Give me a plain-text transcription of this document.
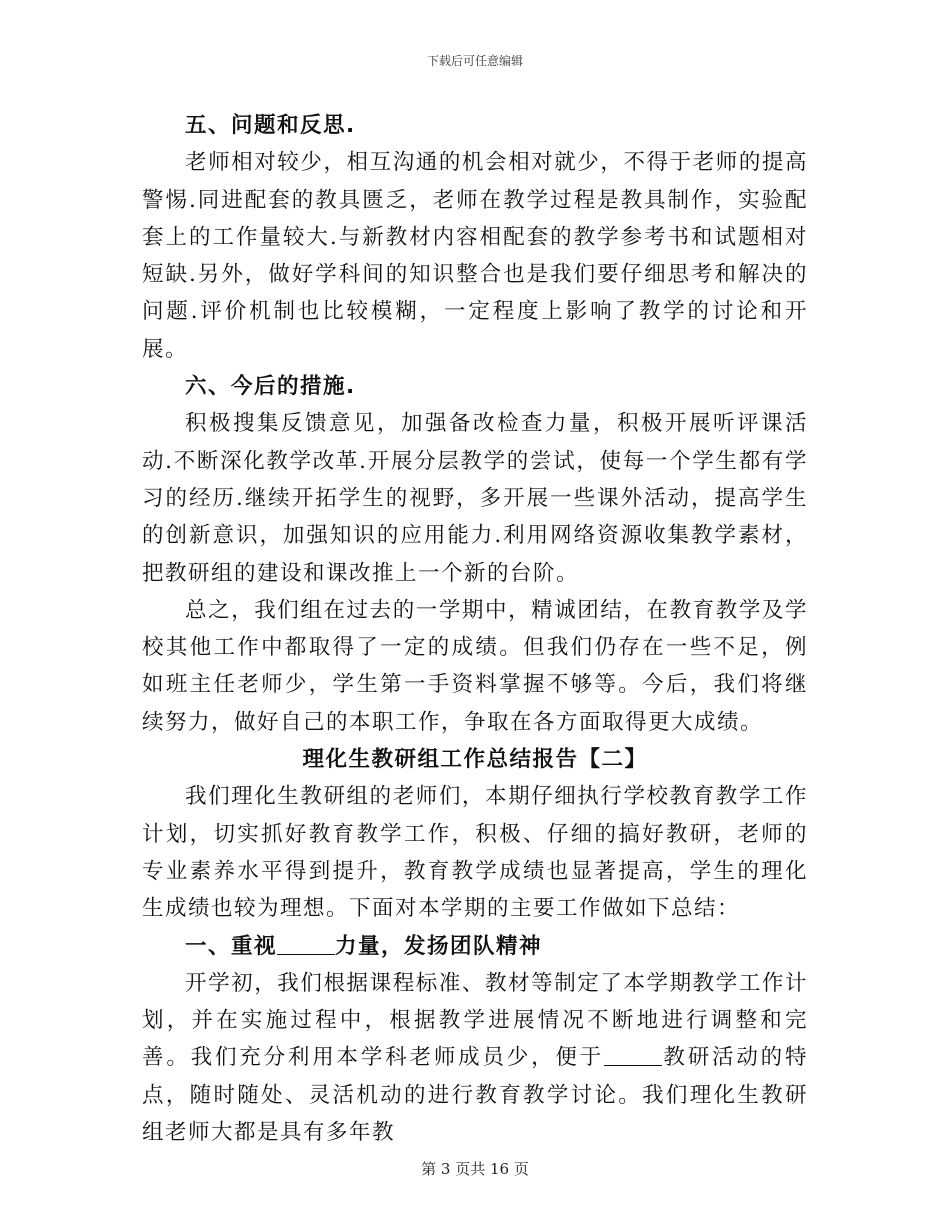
下载后可任意编辑

五、问题和反思.

老师相对较少，相互沟通的机会相对就少，不得于老师的提高警惕.同进配套的教具匮乏，老师在教学过程是教具制作，实验配套上的工作量较大.与新教材内容相配套的教学参考书和试题相对短缺.另外，做好学科间的知识整合也是我们要仔细思考和解决的问题.评价机制也比较模糊，一定程度上影响了教学的讨论和开展。

六、今后的措施.

积极搜集反馈意见，加强备改检查力量，积极开展听评课活动.不断深化教学改革.开展分层教学的尝试，使每一个学生都有学习的经历.继续开拓学生的视野，多开展一些课外活动，提高学生的创新意识，加强知识的应用能力.利用网络资源收集教学素材，把教研组的建设和课改推上一个新的台阶。

总之，我们组在过去的一学期中，精诚团结，在教育教学及学校其他工作中都取得了一定的成绩。但我们仍存在一些不足，例如班主任老师少，学生第一手资料掌握不够等。今后，我们将继续努力，做好自己的本职工作，争取在各方面取得更大成绩。

理化生教研组工作总结报告【二】

我们理化生教研组的老师们，本期仔细执行学校教育教学工作计划，切实抓好教育教学工作，积极、仔细的搞好教研，老师的专业素养水平得到提升，教育教学成绩也显著提高，学生的理化生成绩也较为理想。下面对本学期的主要工作做如下总结：

一、重视	力量，发扬团队精神

开学初，我们根据课程标准、教材等制定了本学期教学工作计划，并在实施过程中，根据教学进展情况不断地进行调整和完善。我们充分利用本学科老师成员少，便于	教研活动的特点，随时随处、灵活机动的进行教育教学讨论。我们理化生教研组老师大都是具有多年教

第 3 页共 16 页
